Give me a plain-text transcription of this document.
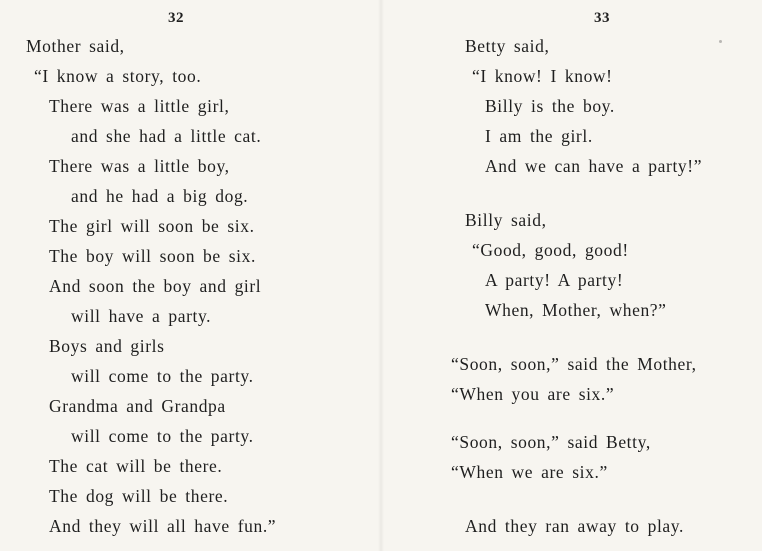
32
Mother said,
“I know a story, too.
There was a little girl,
and she had a little cat.
There was a little boy,
and he had a big dog.
The girl will soon be six.
The boy will soon be six.
And soon the boy and girl
will have a party.
Boys and girls
will come to the party.
Grandma and Grandpa
will come to the party.
The cat will be there.
The dog will be there.
And they will all have fun.”
33
Betty said,
“I know! I know!
Billy is the boy.
I am the girl.
And we can have a party!”
Billy said,
“Good, good, good!
A party! A party!
When, Mother, when?”
“Soon, soon,” said the Mother,
“When you are six.”
“Soon, soon,” said Betty,
“When we are six.”
And they ran away to play.
